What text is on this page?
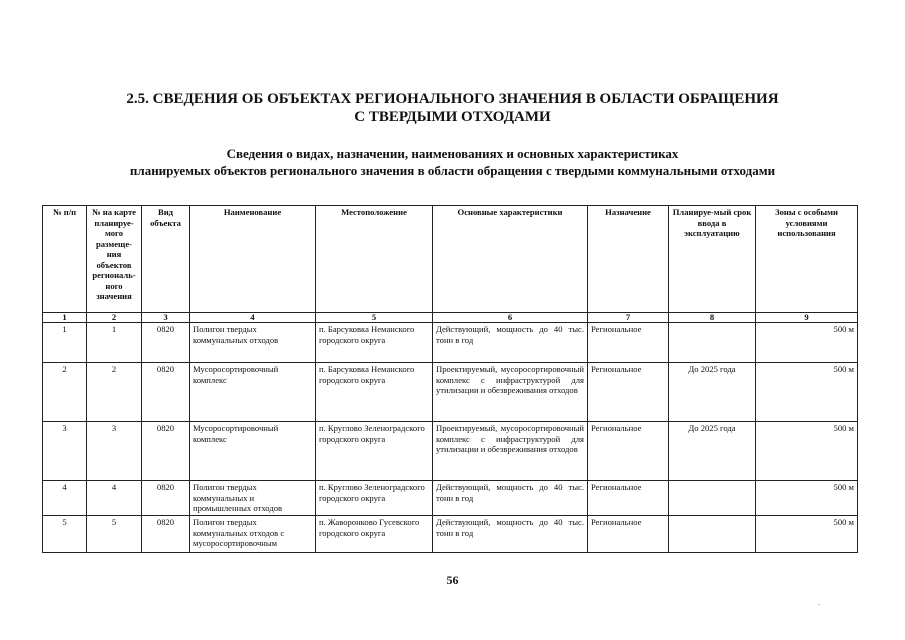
2.5. СВЕДЕНИЯ ОБ ОБЪЕКТАХ РЕГИОНАЛЬНОГО ЗНАЧЕНИЯ В ОБЛАСТИ ОБРАЩЕНИЯ
С ТВЕРДЫМИ ОТХОДАМИ
Сведения о видах, назначении, наименованиях и основных характеристиках
планируемых объектов регионального значения в области обращения с твердыми коммунальными отходами
№ п/п	№ на карте планируе-мого размеще-ния объектов региональ-ного значения	Вид объекта	Наименование	Местоположение	Основные характеристики	Назначение	Планируе-мый срок ввода в эксплуатацию	Зоны с особыми условиями использования
1	2	3	4	5	6	7	8	9
1	1	0820	Полигон твердых коммунальных отходов	п. Барсуковка Неманского городского округа	Действующий, мощность до 40 тыс. тонн в год	Региональное		500 м
2	2	0820	Мусоросортировочный комплекс	п. Барсуковка Неманского городского округа	Проектируемый, мусоросортировочный комплекс с инфраструктурой для утилизации и обезвреживания отходов	Региональное	До 2025 года	500 м
3	3	0820	Мусоросортировочный комплекс	п. Круглово Зеленоградского городского округа	Проектируемый, мусоросортировочный комплекс с инфраструктурой для утилизации и обезвреживания отходов	Региональное	До 2025 года	500 м
4	4	0820	Полигон твердых коммунальных и промышленных отходов	п. Круглово Зеленоградского городского округа	Действующий, мощность до 40 тыс. тонн в год	Региональное		500 м
5	5	0820	Полигон твердых коммунальных отходов с мусоросортировочным	п. Жаворонково Гусевского городского округа	Действующий, мощность до 40 тыс. тонн в год	Региональное		500 м
56
